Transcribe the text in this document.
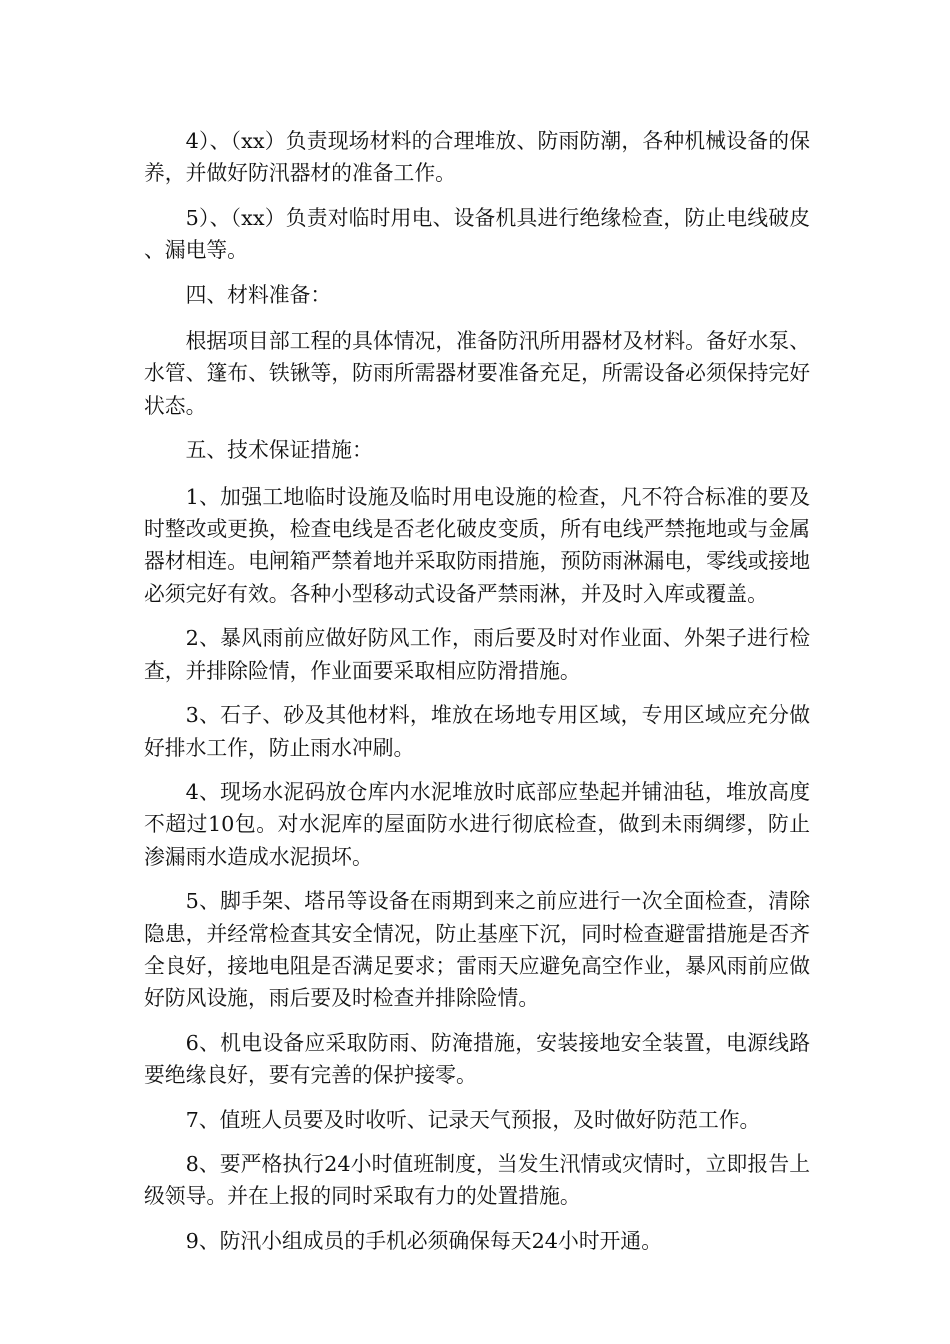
4）、（xx）负责现场材料的合理堆放、防雨防潮，各种机械设备的保养，并做好防汛器材的准备工作。

5）、（xx）负责对临时用电、设备机具进行绝缘检查，防止电线破皮、漏电等。

四、材料准备：

根据项目部工程的具体情况，准备防汛所用器材及材料。备好水泵、水管、篷布、铁锹等，防雨所需器材要准备充足，所需设备必须保持完好状态。

五、技术保证措施：

1、加强工地临时设施及临时用电设施的检查，凡不符合标准的要及时整改或更换，检查电线是否老化破皮变质，所有电线严禁拖地或与金属器材相连。电闸箱严禁着地并采取防雨措施，预防雨淋漏电，零线或接地必须完好有效。各种小型移动式设备严禁雨淋，并及时入库或覆盖。

2、暴风雨前应做好防风工作，雨后要及时对作业面、外架子进行检查，并排除险情，作业面要采取相应防滑措施。

3、石子、砂及其他材料，堆放在场地专用区域，专用区域应充分做好排水工作，防止雨水冲刷。

4、现场水泥码放仓库内水泥堆放时底部应垫起并铺油毡，堆放高度不超过10包。对水泥库的屋面防水进行彻底检查，做到未雨绸缪，防止渗漏雨水造成水泥损坏。

5、脚手架、塔吊等设备在雨期到来之前应进行一次全面检查，清除隐患，并经常检查其安全情况，防止基座下沉，同时检查避雷措施是否齐全良好，接地电阻是否满足要求；雷雨天应避免高空作业，暴风雨前应做好防风设施，雨后要及时检查并排除险情。

6、机电设备应采取防雨、防淹措施，安装接地安全装置，电源线路要绝缘良好，要有完善的保护接零。

7、值班人员要及时收听、记录天气预报，及时做好防范工作。

8、要严格执行24小时值班制度，当发生汛情或灾情时，立即报告上级领导。并在上报的同时采取有力的处置措施。

9、防汛小组成员的手机必须确保每天24小时开通。
